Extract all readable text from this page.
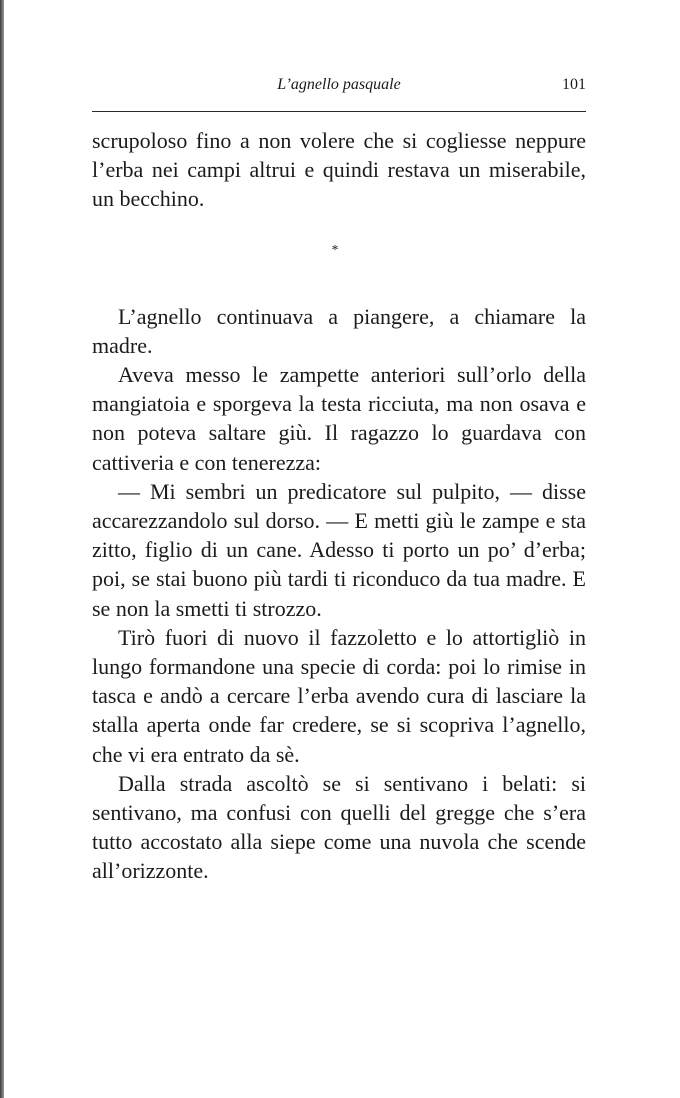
L’agnello pasquale	101

scrupoloso fino a non volere che si cogliesse neppure l’erba nei campi altrui e quindi restava un miserabile, un becchino.

*

L’agnello continuava a piangere, a chiamare la madre.

Aveva messo le zampette anteriori sull’orlo della mangiatoia e sporgeva la testa ricciuta, ma non osava e non poteva saltare giù. Il ragazzo lo guardava con cattiveria e con tenerezza:

— Mi sembri un predicatore sul pulpito, — disse accarezzandolo sul dorso. — E metti giù le zampe e sta zitto, figlio di un cane. Adesso ti porto un po’ d’erba; poi, se stai buono più tardi ti riconduco da tua madre. E se non la smetti ti strozzo.

Tirò fuori di nuovo il fazzoletto e lo attortigliò in lungo formandone una specie di corda: poi lo rimise in tasca e andò a cercare l’erba avendo cura di lasciare la stalla aperta onde far credere, se si scopriva l’agnello, che vi era entrato da sè.

Dalla strada ascoltò se si sentivano i belati: si sentivano, ma confusi con quelli del gregge che s’era tutto accostato alla siepe come una nuvola che scende all’orizzonte.
